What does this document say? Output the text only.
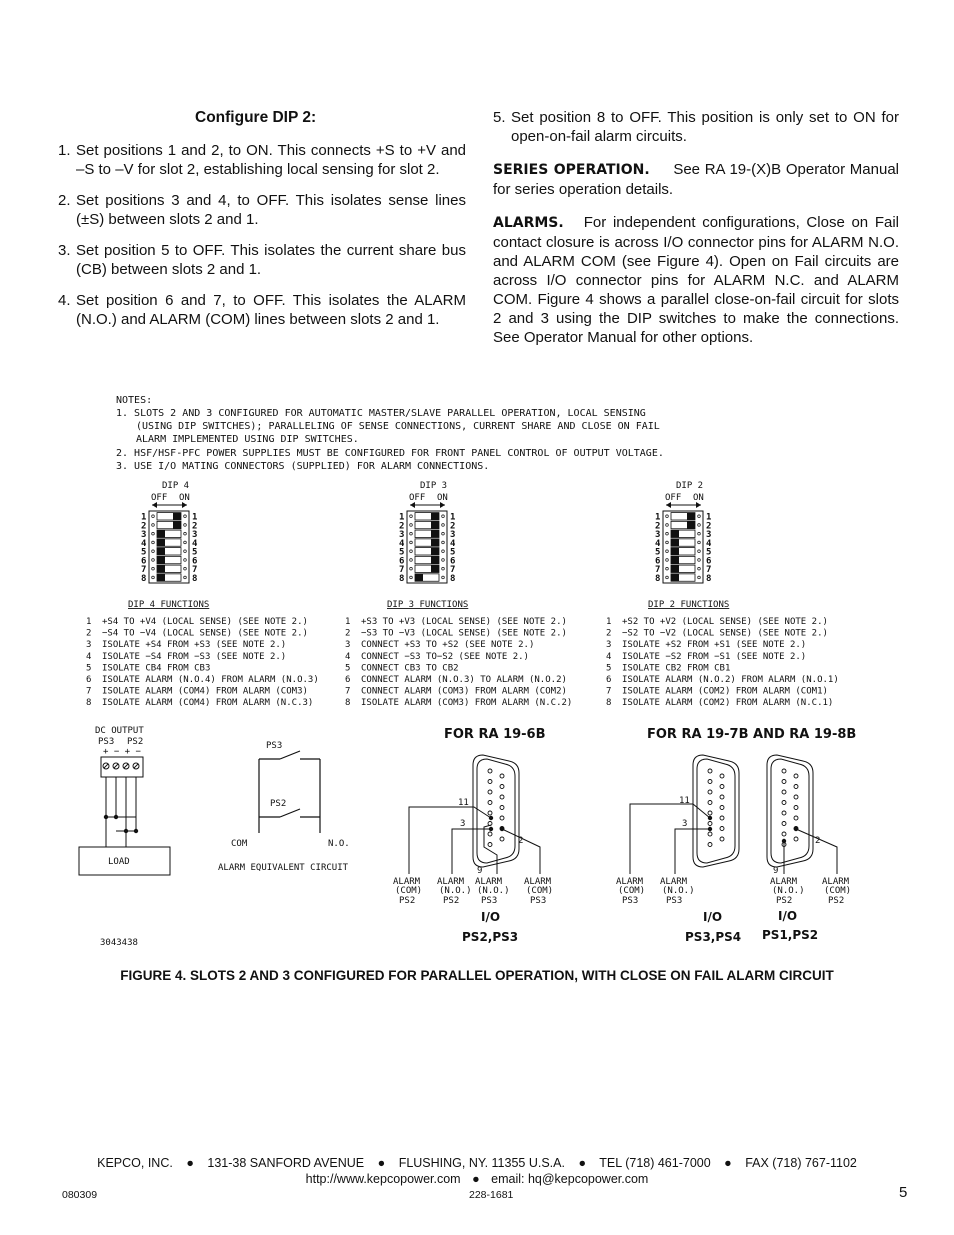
Configure DIP 2:
1. Set positions 1 and 2, to ON. This connects +S to +V and –S to –V for slot 2, establishing local sensing for slot 2.
2. Set positions 3 and 4, to OFF. This isolates sense lines (±S) between slots 2 and 1.
3. Set position 5 to OFF. This isolates the current share bus (CB) between slots 2 and 1.
4. Set position 6 and 7, to OFF. This isolates the ALARM (N.O.) and ALARM (COM) lines between slots 2 and 1.
5. Set position 8 to OFF. This position is only set to ON for open-on-fail alarm circuits.

SERIES OPERATION. See RA 19-(X)B Operator Manual for series operation details.

ALARMS. For independent configurations, Close on Fail contact closure is across I/O connector pins for ALARM N.O. and ALARM COM (see Figure 4). Open on Fail circuits are across I/O connector pins for ALARM N.C. and ALARM COM. Figure 4 shows a parallel close-on-fail circuit for slots 2 and 3 using the DIP switches to make the connections. See Operator Manual for other options.

NOTES:
1. SLOTS 2 AND 3 CONFIGURED FOR AUTOMATIC MASTER/SLAVE PARALLEL OPERATION, LOCAL SENSING
(USING DIP SWITCHES); PARALLELING OF SENSE CONNECTIONS, CURRENT SHARE AND CLOSE ON FAIL
ALARM IMPLEMENTED USING DIP SWITCHES.
2. HSF/HSF-PFC POWER SUPPLIES MUST BE CONFIGURED FOR FRONT PANEL CONTROL OF OUTPUT VOLTAGE.
3. USE I/O MATING CONNECTORS (SUPPLIED) FOR ALARM CONNECTIONS.
DIP 4
OFF ON
1	1
2	2
3	3
4	4
5	5
6	6
7	7
8	8
DIP 4 FUNCTIONS
1 +S4 TO +V4 (LOCAL SENSE) (SEE NOTE 2.)
2 −S4 TO −V4 (LOCAL SENSE) (SEE NOTE 2.)
3 ISOLATE +S4 FROM +S3 (SEE NOTE 2.)
4 ISOLATE −S4 FROM −S3 (SEE NOTE 2.)
5 ISOLATE CB4 FROM CB3
6 ISOLATE ALARM (N.O.4) FROM ALARM (N.O.3)
7 ISOLATE ALARM (COM4) FROM ALARM (COM3)
8 ISOLATE ALARM (COM4) FROM ALARM (N.C.3)
DIP 3
OFF ON
1	1
2	2
3	3
4	4
5	5
6	6
7	7
8	8
DIP 3 FUNCTIONS
1 +S3 TO +V3 (LOCAL SENSE) (SEE NOTE 2.)
2 −S3 TO −V3 (LOCAL SENSE) (SEE NOTE 2.)
3 CONNECT +S3 TO +S2 (SEE NOTE 2.)
4 CONNECT −S3 TO−S2 (SEE NOTE 2.)
5 CONNECT CB3 TO CB2
6 CONNECT ALARM (N.O.3) TO ALARM (N.O.2)
7 CONNECT ALARM (COM3) FROM ALARM (COM2)
8 ISOLATE ALARM (COM3) FROM ALARM (N.C.2)
DIP 2
OFF ON
1	1
2	2
3	3
4	4
5	5
6	6
7	7
8	8
DIP 2 FUNCTIONS
1 +S2 TO +V2 (LOCAL SENSE) (SEE NOTE 2.)
2 −S2 TO −V2 (LOCAL SENSE) (SEE NOTE 2.)
3 ISOLATE +S2 FROM +S1 (SEE NOTE 2.)
4 ISOLATE −S2 FROM −S1 (SEE NOTE 2.)
5 ISOLATE CB2 FROM CB1
6 ISOLATE ALARM (N.O.2) FROM ALARM (N.O.1)
7 ISOLATE ALARM (COM2) FROM ALARM (COM1)
8 ISOLATE ALARM (COM2) FROM ALARM (N.C.1)
DC OUTPUT
PS3 PS2
+ − + −
LOAD
PS3
PS2
COM	N.O.
ALARM EQUIVALENT CIRCUIT
FOR RA 19-6B	FOR RA 19-7B AND RA 19-8B
11
3
2
9
ALARM
(COM)
PS2
ALARM
(N.O.)
PS2
ALARM
(N.O.)
PS3
ALARM
(COM)
PS3
11
3
ALARM
(COM)
PS3
ALARM
(N.O.)
PS3
2
9
ALARM
(N.O.)
PS2
ALARM
(COM)
PS2
I/O
PS2,PS3
I/O
PS3,PS4
I/O
PS1,PS2
3043438
FIGURE 4. SLOTS 2 AND 3 CONFIGURED FOR PARALLEL OPERATION, WITH CLOSE ON FAIL ALARM CIRCUIT
KEPCO, INC. ● 131-38 SANFORD AVENUE ● FLUSHING, NY. 11355 U.S.A. ● TEL (718) 461-7000 ● FAX (718) 767-1102
http://www.kepcopower.com ● email: hq@kepcopower.com
080309	228-1681	5
